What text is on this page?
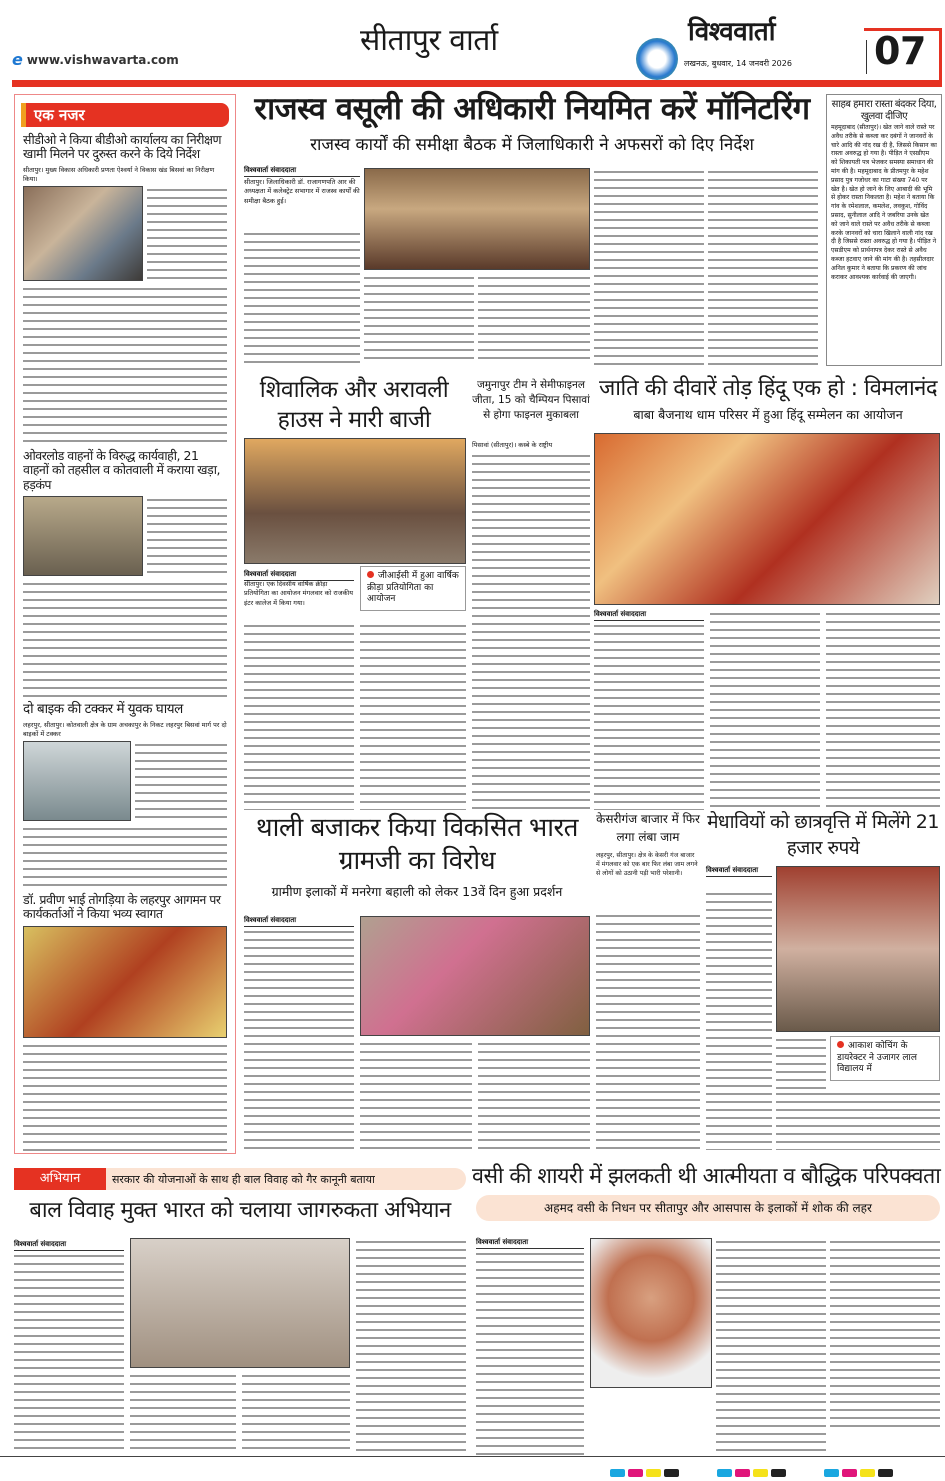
e www.vishwavarta.com
सीतापुर वार्ता	विश्ववार्ता
लखनऊ, बुधवार, 14 जनवरी 2026 07
एक नजर
सीडीओ ने किया बीडीओ कार्यालय का निरीक्षण खामी मिलने पर दुरुस्त करने के दिये निर्देश
सीतापुर। मुख्य विकास अधिकारी प्रणता ऐश्वर्या ने विकास खंड बिसवां का निरीक्षण किया।
ओवरलोड वाहनों के विरुद्ध कार्यवाही, 21 वाहनों को तहसील व कोतवाली में कराया खड़ा, हड़कंप
दो बाइक की टक्कर में युवक घायल
लहरपुर, सीतापुर। कोतवाली क्षेत्र के ग्राम अचकापुर के निकट लहरपुर बिसवां मार्ग पर दो बाइकों में टक्कर
डॉ. प्रवीण भाई तोगड़िया के लहरपुर आगमन पर कार्यकर्ताओं ने किया भव्य स्वागत
राजस्व वसूली की अधिकारी नियमित करें मॉनिटरिंग
राजस्व कार्यों की समीक्षा बैठक में जिलाधिकारी ने अफसरों को दिए निर्देश
विश्ववार्ता संवाददाता
सीतापुर। जिलाधिकारी डॉ. राजागणपति आर की अध्यक्षता में कलेक्ट्रेट सभागार में राजस्व कार्यों की समीक्षा बैठक हुई।
साहब हमारा रास्ता बंदकर दिया, खुलवा दीजिए
महमूदाबाद (सीतापुर)। खेत जाने वाले रास्ते पर अवैध तरीके से कब्जा कर दबंगों ने जानवरों के चारे आदि की नांद रख दी है, जिससे किसान का रास्ता अवरुद्ध हो गया है। पीड़ित ने एसडीएम को शिकायती पत्र भेजकर समस्या समाधान की मांग की है। महमूदाबाद के प्रीतमपुर के महेश प्रसाद पुत्र गजोधर का गाटा संख्या 740 पर खेत है। खेत हो जाने के लिए आबादी की भूमि से होकर रास्ता निकलता है। महेश ने बताया कि गांव के रमेशलाल, कमलेश, लवकुश, गोविंद प्रसाद, सुनीलाल आदि ने जबरिया उनके खेत को जाने वाले रास्ते पर अवैध तरीके से कब्जा करके जानवरों को चारा खिलाने वाली नांद रख दी है जिससे रास्ता अवरुद्ध हो गया है। पीड़ित ने एसडीएम को प्रार्थनापत्र देकर रास्ते से अवैध कब्जा हटवाए जाने की मांग की है। तहसीलदार अनिल कुमार ने बताया कि प्रकरण की जांच कराकर आवश्यक कार्रवाई की जाएगी।
शिवालिक और अरावली हाउस ने मारी बाजी
विश्ववार्ता संवाददाता
सीतापुर। एक दिवसीय वार्षिक क्रीड़ा प्रतियोगिता का आयोजन मंगलवार को राजकीय इंटर कालेज में किया गया।
जीआईसी में हुआ वार्षिक क्रीड़ा प्रतियोगिता का आयोजन
जमुनापुर टीम ने सेमीफाइनल जीता, 15 को चैम्पियन पिसावां से होगा फाइनल मुकाबला
पिसावां (सीतापुर)। कस्बे के राष्ट्रीय
जाति की दीवारें तोड़ हिंदू एक हो : विमलानंद
बाबा बैजनाथ धाम परिसर में हुआ हिंदू सम्मेलन का आयोजन
विश्ववार्ता संवाददाता
थाली बजाकर किया विकसित भारत ग्रामजी का विरोध
ग्रामीण इलाकों में मनरेगा बहाली को लेकर 13वें दिन हुआ प्रदर्शन
विश्ववार्ता संवाददाता
केसरीगंज बाजार में फिर लगा लंबा जाम
लहरपुर, सीतापुर। क्षेत्र के केसरी गंज बाजार में मंगलवार को एक बार फिर लंबा जाम लगने से लोगों को उठानी पड़ी भारी परेशानी।
मेधावियों को छात्रवृत्ति में मिलेंगे 21 हजार रुपये
विश्ववार्ता संवाददाता
आकाश कोचिंग के डायरेक्टर ने उजागर लाल विद्यालय में
अभियान	सरकार की योजनाओं के साथ ही बाल विवाह को गैर कानूनी बताया
बाल विवाह मुक्त भारत को चलाया जागरुकता अभियान
विश्ववार्ता संवाददाता
वसी की शायरी में झलकती थी आत्मीयता व बौद्धिक परिपक्वता
अहमद वसी के निधन पर सीतापुर और आसपास के इलाकों में शोक की लहर
विश्ववार्ता संवाददाता
